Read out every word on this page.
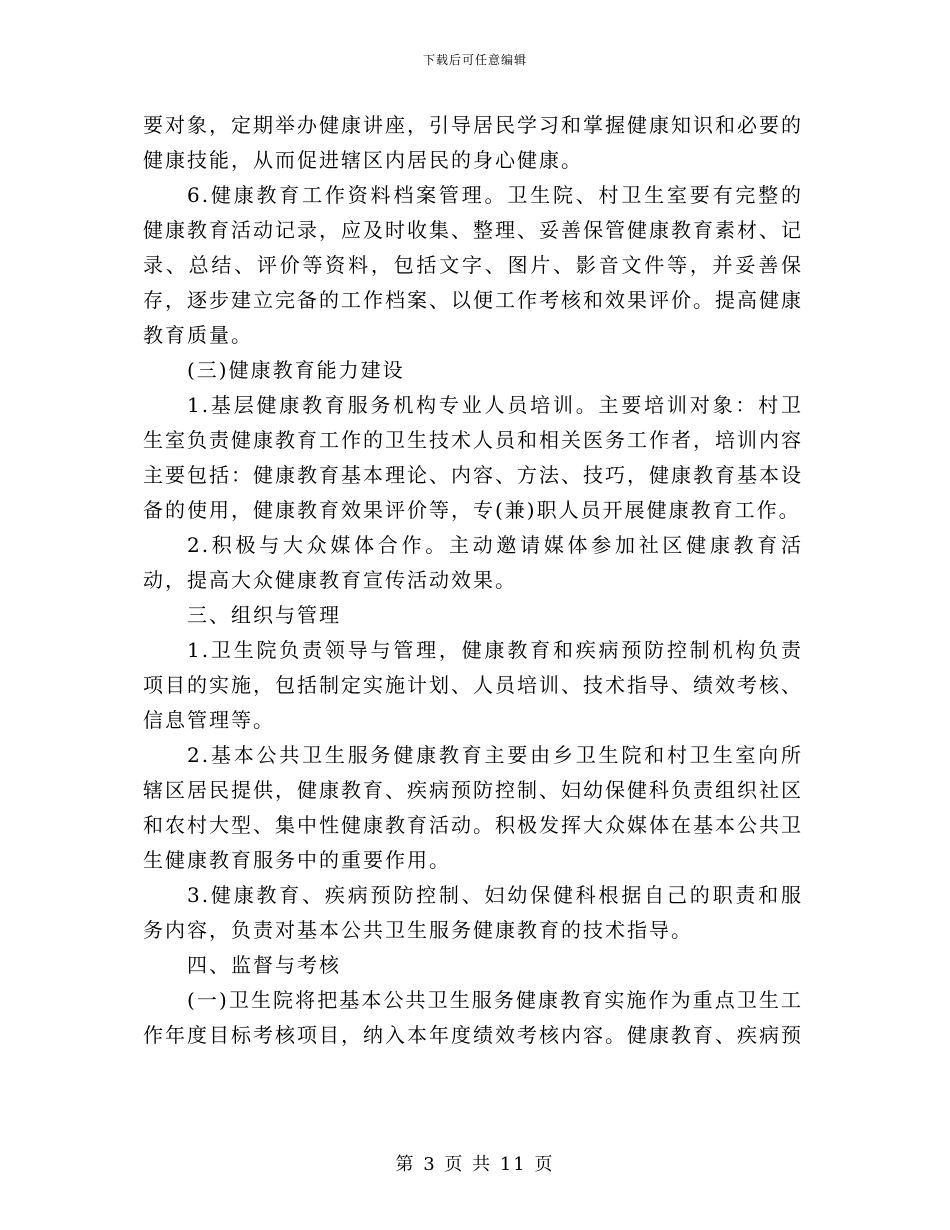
下载后可任意编辑

要对象，定期举办健康讲座，引导居民学习和掌握健康知识和必要的健康技能，从而促进辖区内居民的身心健康。

6.健康教育工作资料档案管理。卫生院、村卫生室要有完整的健康教育活动记录，应及时收集、整理、妥善保管健康教育素材、记录、总结、评价等资料，包括文字、图片、影音文件等，并妥善保存，逐步建立完备的工作档案、以便工作考核和效果评价。提高健康教育质量。

(三)健康教育能力建设

1.基层健康教育服务机构专业人员培训。主要培训对象：村卫生室负责健康教育工作的卫生技术人员和相关医务工作者，培训内容主要包括：健康教育基本理论、内容、方法、技巧，健康教育基本设备的使用，健康教育效果评价等，专(兼)职人员开展健康教育工作。

2.积极与大众媒体合作。主动邀请媒体参加社区健康教育活动，提高大众健康教育宣传活动效果。

三、组织与管理

1.卫生院负责领导与管理，健康教育和疾病预防控制机构负责项目的实施，包括制定实施计划、人员培训、技术指导、绩效考核、信息管理等。

2.基本公共卫生服务健康教育主要由乡卫生院和村卫生室向所辖区居民提供，健康教育、疾病预防控制、妇幼保健科负责组织社区和农村大型、集中性健康教育活动。积极发挥大众媒体在基本公共卫生健康教育服务中的重要作用。

3.健康教育、疾病预防控制、妇幼保健科根据自己的职责和服务内容，负责对基本公共卫生服务健康教育的技术指导。

四、监督与考核

(一)卫生院将把基本公共卫生服务健康教育实施作为重点卫生工作年度目标考核项目，纳入本年度绩效考核内容。健康教育、疾病预

第 3 页 共 11 页
